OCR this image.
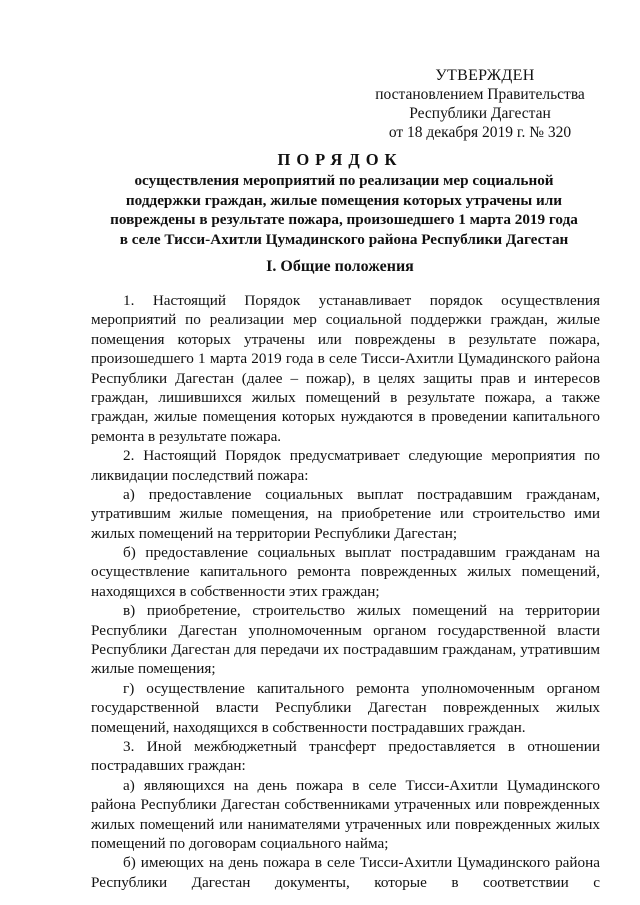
УТВЕРЖДЕН
постановлением Правительства
Республики Дагестан
от 18 декабря 2019 г. № 320
ПОРЯДОК
осуществления мероприятий по реализации мер социальной
поддержки граждан, жилые помещения которых утрачены или
повреждены в результате пожара, произошедшего 1 марта 2019 года
в селе Тисси-Ахитли Цумадинского района Республики Дагестан
I. Общие положения
1. Настоящий Порядок устанавливает порядок осуществления
мероприятий по реализации мер социальной поддержки граждан, жилые
помещения которых утрачены или повреждены в результате пожара,
произошедшего 1 марта 2019 года в селе Тисси-Ахитли Цумадинского района
Республики Дагестан (далее – пожар), в целях защиты прав и интересов
граждан, лишившихся жилых помещений в результате пожара, а также
граждан, жилые помещения которых нуждаются в проведении капитального
ремонта в результате пожара.
2. Настоящий Порядок предусматривает следующие мероприятия по
ликвидации последствий пожара:
а) предоставление социальных выплат пострадавшим гражданам,
утратившим жилые помещения, на приобретение или строительство ими
жилых помещений на территории Республики Дагестан;
б) предоставление социальных выплат пострадавшим гражданам на
осуществление капитального ремонта поврежденных жилых помещений,
находящихся в собственности этих граждан;
в) приобретение, строительство жилых помещений на территории
Республики Дагестан уполномоченным органом государственной власти
Республики Дагестан для передачи их пострадавшим гражданам, утратившим
жилые помещения;
г) осуществление капитального ремонта уполномоченным органом
государственной власти Республики Дагестан поврежденных жилых
помещений, находящихся в собственности пострадавших граждан.
3. Иной межбюджетный трансферт предоставляется в отношении
пострадавших граждан:
а) являющихся на день пожара в селе Тисси-Ахитли Цумадинского
района Республики Дагестан собственниками утраченных или поврежденных
жилых помещений или нанимателями утраченных или поврежденных жилых
помещений по договорам социального найма;
б) имеющих на день пожара в селе Тисси-Ахитли Цумадинского района
Республики Дагестан документы, которые в соответствии с
